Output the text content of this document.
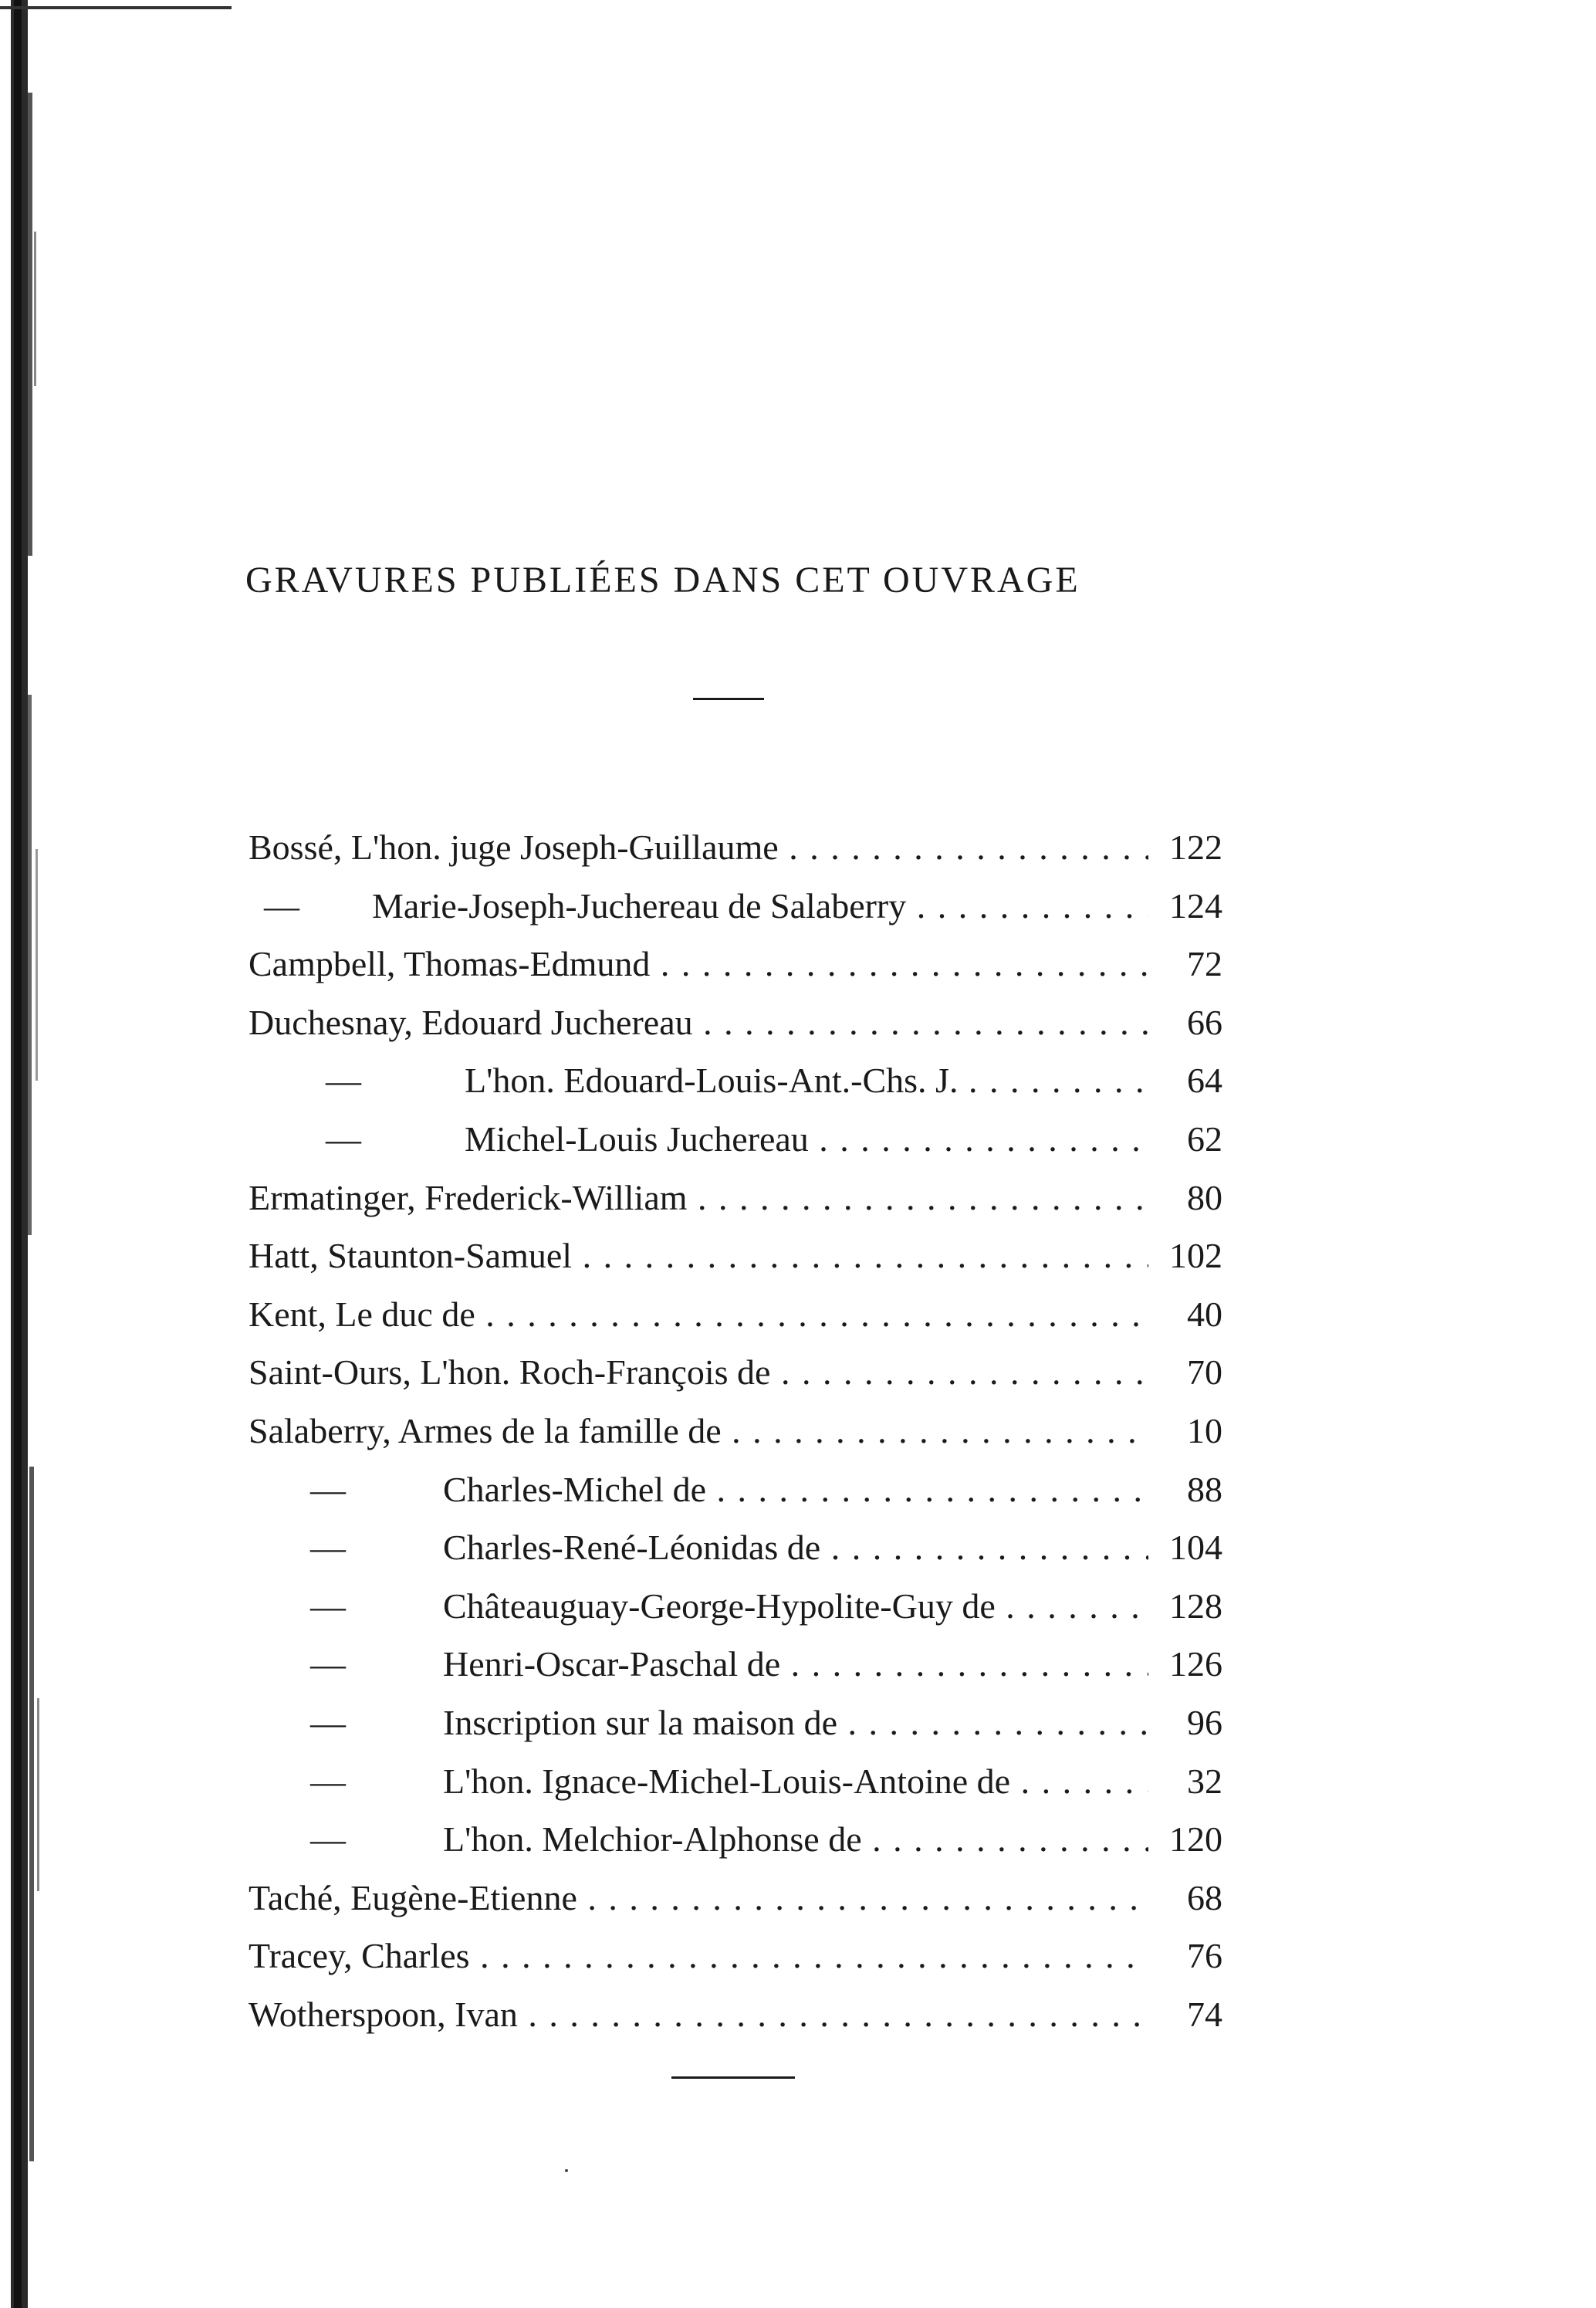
GRAVURES PUBLIÉES DANS CET OUVRAGE
Bossé, L'hon. juge Joseph-Guillaume . . .	122
— Marie-Joseph-Juchereau de Salaberry . . .	124
Campbell, Thomas-Edmund . . .	72
Duchesnay, Edouard Juchereau . . .	66
—	L'hon. Edouard-Louis-Ant.-Chs. J. . . .	64
—	Michel-Louis Juchereau . . .	62
Ermatinger, Frederick-William . . .	80
Hatt, Staunton-Samuel . . .	102
Kent, Le duc de . . .	40
Saint-Ours, L'hon. Roch-François de . . .	70
Salaberry, Armes de la famille de . . .	10
—	Charles-Michel de . . .	88
—	Charles-René-Léonidas de . . .	104
—	Châteauguay-George-Hypolite-Guy de . . .	128
—	Henri-Oscar-Paschal de . . .	126
—	Inscription sur la maison de . . .	96
—	L'hon. Ignace-Michel-Louis-Antoine de . . .	32
—	L'hon. Melchior-Alphonse de . . .	120
Taché, Eugène-Etienne . . .	68
Tracey, Charles . . .	76
Wotherspoon, Ivan . . .	74
